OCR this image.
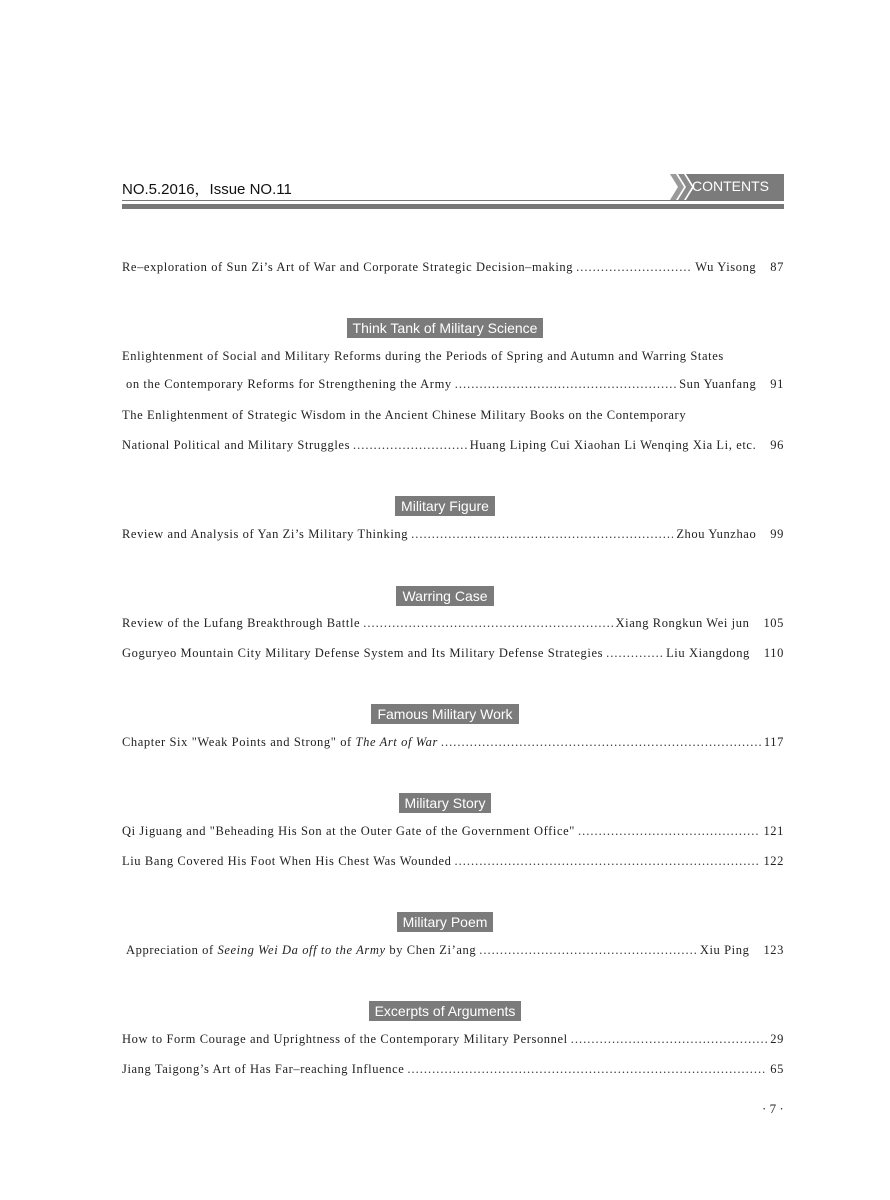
NO.5.2016，Issue NO.11	CONTENTS
Re–exploration of Sun Zi’s Art of War and Corporate Strategic Decision–making .....	Wu Yisong 87
Think Tank of Military Science
Enlightenment of Social and Military Reforms during the Periods of Spring and Autumn and Warring States
on the Contemporary Reforms for Strengthening the Army .....	Sun Yuanfang 91
The Enlightenment of Strategic Wisdom in the Ancient Chinese Military Books on the Contemporary
National Political and Military Struggles .....	Huang Liping Cui Xiaohan Li Wenqing Xia Li, etc. 96
Military Figure
Review and Analysis of Yan Zi’s Military Thinking .....	Zhou Yunzhao 99
Warring Case
Review of the Lufang Breakthrough Battle .....	Xiang Rongkun Wei jun 105
Goguryeo Mountain City Military Defense System and Its Military Defense Strategies .....	Liu Xiangdong 110
Famous Military Work
Chapter Six "Weak Points and Strong" of The Art of War .....	117
Military Story
Qi Jiguang and "Beheading His Son at the Outer Gate of the Government Office" .....	121
Liu Bang Covered His Foot When His Chest Was Wounded .....	122
Military Poem
Appreciation of Seeing Wei Da off to the Army by Chen Zi’ang .....	Xiu Ping 123
Excerpts of Arguments
How to Form Courage and Uprightness of the Contemporary Military Personnel .....	29
Jiang Taigong’s Art of Has Far–reaching Influence .....	65
· 7 ·
